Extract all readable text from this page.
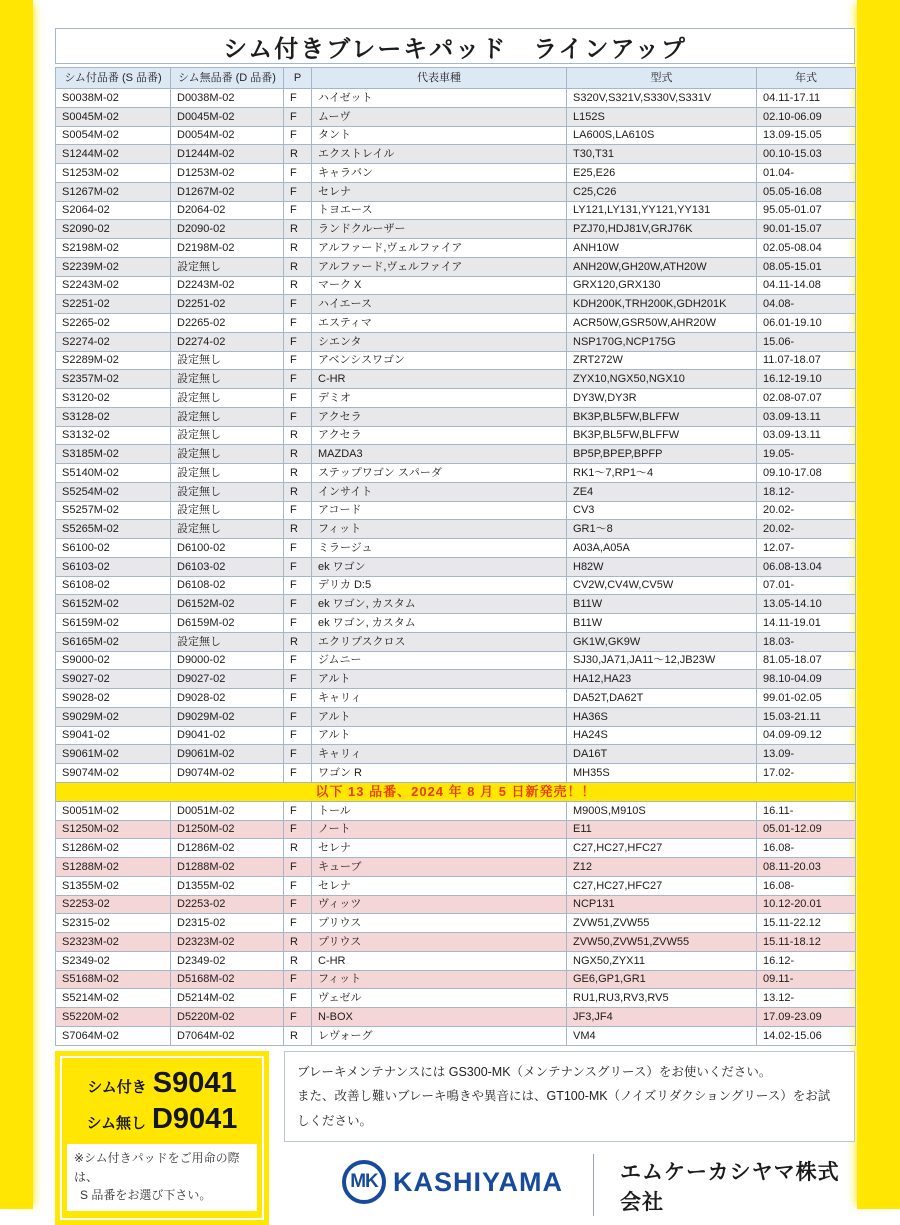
シム付きブレーキパッド　ラインアップ
シム付品番 (S 品番)	シム無品番 (D 品番)	P	代表車種	型式	年式
S0038M-02	D0038M-02	F	ハイゼット	S320V,S321V,S330V,S331V	04.11-17.11
S0045M-02	D0045M-02	F	ムーヴ	L152S	02.10-06.09
S0054M-02	D0054M-02	F	タント	LA600S,LA610S	13.09-15.05
S1244M-02	D1244M-02	R	エクストレイル	T30,T31	00.10-15.03
S1253M-02	D1253M-02	F	キャラバン	E25,E26	01.04-
S1267M-02	D1267M-02	F	セレナ	C25,C26	05.05-16.08
S2064-02	D2064-02	F	トヨエース	LY121,LY131,YY121,YY131	95.05-01.07
S2090-02	D2090-02	R	ランドクルーザー	PZJ70,HDJ81V,GRJ76K	90.01-15.07
S2198M-02	D2198M-02	R	アルファード,ヴェルファイア	ANH10W	02.05-08.04
S2239M-02	設定無し	R	アルファード,ヴェルファイア	ANH20W,GH20W,ATH20W	08.05-15.01
S2243M-02	D2243M-02	R	マーク X	GRX120,GRX130	04.11-14.08
S2251-02	D2251-02	F	ハイエース	KDH200K,TRH200K,GDH201K	04.08-
S2265-02	D2265-02	F	エスティマ	ACR50W,GSR50W,AHR20W	06.01-19.10
S2274-02	D2274-02	F	シエンタ	NSP170G,NCP175G	15.06-
S2289M-02	設定無し	F	アベンシスワゴン	ZRT272W	11.07-18.07
S2357M-02	設定無し	F	C-HR	ZYX10,NGX50,NGX10	16.12-19.10
S3120-02	設定無し	F	デミオ	DY3W,DY3R	02.08-07.07
S3128-02	設定無し	F	アクセラ	BK3P,BL5FW,BLFFW	03.09-13.11
S3132-02	設定無し	R	アクセラ	BK3P,BL5FW,BLFFW	03.09-13.11
S3185M-02	設定無し	R	MAZDA3	BP5P,BPEP,BPFP	19.05-
S5140M-02	設定無し	R	ステップワゴン スパーダ	RK1～7,RP1～4	09.10-17.08
S5254M-02	設定無し	R	インサイト	ZE4	18.12-
S5257M-02	設定無し	F	アコード	CV3	20.02-
S5265M-02	設定無し	R	フィット	GR1～8	20.02-
S6100-02	D6100-02	F	ミラージュ	A03A,A05A	12.07-
S6103-02	D6103-02	F	ek ワゴン	H82W	06.08-13.04
S6108-02	D6108-02	F	デリカ D:5	CV2W,CV4W,CV5W	07.01-
S6152M-02	D6152M-02	F	ek ワゴン, カスタム	B11W	13.05-14.10
S6159M-02	D6159M-02	F	ek ワゴン, カスタム	B11W	14.11-19.01
S6165M-02	設定無し	R	エクリプスクロス	GK1W,GK9W	18.03-
S9000-02	D9000-02	F	ジムニー	SJ30,JA71,JA11～12,JB23W	81.05-18.07
S9027-02	D9027-02	F	アルト	HA12,HA23	98.10-04.09
S9028-02	D9028-02	F	キャリィ	DA52T,DA62T	99.01-02.05
S9029M-02	D9029M-02	F	アルト	HA36S	15.03-21.11
S9041-02	D9041-02	F	アルト	HA24S	04.09-09.12
S9061M-02	D9061M-02	F	キャリィ	DA16T	13.09-
S9074M-02	D9074M-02	F	ワゴン R	MH35S	17.02-
以下 13 品番、2024 年 8 月 5 日新発売！！					
S0051M-02	D0051M-02	F	トール	M900S,M910S	16.11-
S1250M-02	D1250M-02	F	ノート	E11	05.01-12.09
S1286M-02	D1286M-02	R	セレナ	C27,HC27,HFC27	16.08-
S1288M-02	D1288M-02	F	キューブ	Z12	08.11-20.03
S1355M-02	D1355M-02	F	セレナ	C27,HC27,HFC27	16.08-
S2253-02	D2253-02	F	ヴィッツ	NCP131	10.12-20.01
S2315-02	D2315-02	F	プリウス	ZVW51,ZVW55	15.11-22.12
S2323M-02	D2323M-02	R	プリウス	ZVW50,ZVW51,ZVW55	15.11-18.12
S2349-02	D2349-02	R	C-HR	NGX50,ZYX11	16.12-
S5168M-02	D5168M-02	F	フィット	GE6,GP1,GR1	09.11-
S5214M-02	D5214M-02	F	ヴェゼル	RU1,RU3,RV3,RV5	13.12-
S5220M-02	D5220M-02	F	N-BOX	JF3,JF4	17.09-23.09
S7064M-02	D7064M-02	R	レヴォーグ	VM4	14.02-15.06
シム付き S9041
シム無し D9041
※シム付きパッドをご用命の際は、
S 品番をお選び下さい。
ブレーキメンテナンスには GS300-MK（メンテナンスグリース）をお使いください。
また、改善し難いブレーキ鳴きや異音には、GT100-MK（ノイズリダクショングリース）をお試しください。
MK KASHIYAMA	エムケーカシヤマ株式会社
